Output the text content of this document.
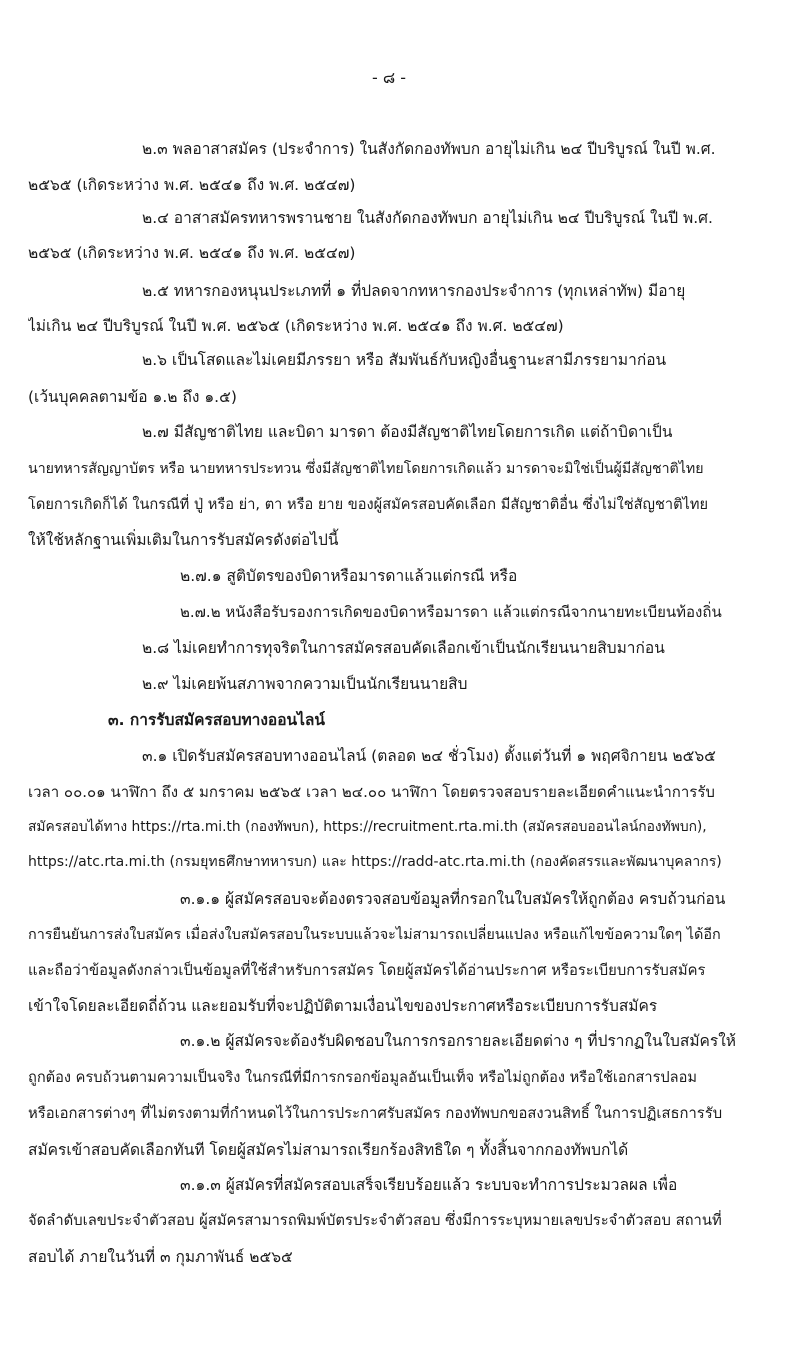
- ๘ -
๒.๓ พลอาสาสมัคร (ประจำการ) ในสังกัดกองทัพบก อายุไม่เกิน ๒๔ ปีบริบูรณ์ ในปี พ.ศ.
๒๕๖๕ (เกิดระหว่าง พ.ศ. ๒๕๔๑ ถึง พ.ศ. ๒๕๔๗)
๒.๔ อาสาสมัครทหารพรานชาย ในสังกัดกองทัพบก อายุไม่เกิน ๒๔ ปีบริบูรณ์ ในปี พ.ศ.
๒๕๖๕ (เกิดระหว่าง พ.ศ. ๒๕๔๑ ถึง พ.ศ. ๒๕๔๗)
๒.๕ ทหารกองหนุนประเภทที่ ๑ ที่ปลดจากทหารกองประจำการ (ทุกเหล่าทัพ) มีอายุ
ไม่เกิน ๒๔ ปีบริบูรณ์ ในปี พ.ศ. ๒๕๖๕ (เกิดระหว่าง พ.ศ. ๒๕๔๑ ถึง พ.ศ. ๒๕๔๗)
๒.๖ เป็นโสดและไม่เคยมีภรรยา หรือ สัมพันธ์กับหญิงอื่นฐานะสามีภรรยามาก่อน
(เว้นบุคคลตามข้อ ๑.๒ ถึง ๑.๕)
๒.๗ มีสัญชาติไทย และบิดา มารดา ต้องมีสัญชาติไทยโดยการเกิด แต่ถ้าบิดาเป็น
นายทหารสัญญาบัตร หรือ นายทหารประทวน ซึ่งมีสัญชาติไทยโดยการเกิดแล้ว มารดาจะมิใช่เป็นผู้มีสัญชาติไทย
โดยการเกิดก็ได้ ในกรณีที่ ปู่ หรือ ย่า, ตา หรือ ยาย ของผู้สมัครสอบคัดเลือก มีสัญชาติอื่น ซึ่งไม่ใช่สัญชาติไทย
ให้ใช้หลักฐานเพิ่มเติมในการรับสมัครดังต่อไปนี้
๒.๗.๑ สูติบัตรของบิดาหรือมารดาแล้วแต่กรณี หรือ
๒.๗.๒ หนังสือรับรองการเกิดของบิดาหรือมารดา แล้วแต่กรณีจากนายทะเบียนท้องถิ่น
๒.๘ ไม่เคยทำการทุจริตในการสมัครสอบคัดเลือกเข้าเป็นนักเรียนนายสิบมาก่อน
๒.๙ ไม่เคยพ้นสภาพจากความเป็นนักเรียนนายสิบ
๓. การรับสมัครสอบทางออนไลน์
๓.๑ เปิดรับสมัครสอบทางออนไลน์ (ตลอด ๒๔ ชั่วโมง) ตั้งแต่วันที่ ๑ พฤศจิกายน ๒๕๖๕
เวลา ๐๐.๐๑ นาฬิกา ถึง ๕ มกราคม ๒๕๖๕ เวลา ๒๔.๐๐ นาฬิกา โดยตรวจสอบรายละเอียดคำแนะนำการรับ
สมัครสอบได้ทาง https://rta.mi.th (กองทัพบก), https://recruitment.rta.mi.th (สมัครสอบออนไลน์กองทัพบก),
https://atc.rta.mi.th (กรมยุทธศึกษาทหารบก) และ https://radd-atc.rta.mi.th (กองคัดสรรและพัฒนาบุคลากร)
๓.๑.๑ ผู้สมัครสอบจะต้องตรวจสอบข้อมูลที่กรอกในใบสมัครให้ถูกต้อง ครบถ้วนก่อน
การยืนยันการส่งใบสมัคร เมื่อส่งใบสมัครสอบในระบบแล้วจะไม่สามารถเปลี่ยนแปลง หรือแก้ไขข้อความใดๆ ได้อีก
และถือว่าข้อมูลดังกล่าวเป็นข้อมูลที่ใช้สำหรับการสมัคร โดยผู้สมัครได้อ่านประกาศ หรือระเบียบการรับสมัคร
เข้าใจโดยละเอียดถี่ถ้วน และยอมรับที่จะปฏิบัติตามเงื่อนไขของประกาศหรือระเบียบการรับสมัคร
๓.๑.๒ ผู้สมัครจะต้องรับผิดชอบในการกรอกรายละเอียดต่าง ๆ ที่ปรากฏในใบสมัครให้
ถูกต้อง ครบถ้วนตามความเป็นจริง ในกรณีที่มีการกรอกข้อมูลอันเป็นเท็จ หรือไม่ถูกต้อง หรือใช้เอกสารปลอม
หรือเอกสารต่างๆ ที่ไม่ตรงตามที่กำหนดไว้ในการประกาศรับสมัคร กองทัพบกขอสงวนสิทธิ์ ในการปฏิเสธการรับ
สมัครเข้าสอบคัดเลือกทันที โดยผู้สมัครไม่สามารถเรียกร้องสิทธิใด ๆ ทั้งสิ้นจากกองทัพบกได้
๓.๑.๓ ผู้สมัครที่สมัครสอบเสร็จเรียบร้อยแล้ว ระบบจะทำการประมวลผล เพื่อ
จัดลำดับเลขประจำตัวสอบ ผู้สมัครสามารถพิมพ์บัตรประจำตัวสอบ ซึ่งมีการระบุหมายเลขประจำตัวสอบ สถานที่
สอบได้ ภายในวันที่ ๓ กุมภาพันธ์ ๒๕๖๕
